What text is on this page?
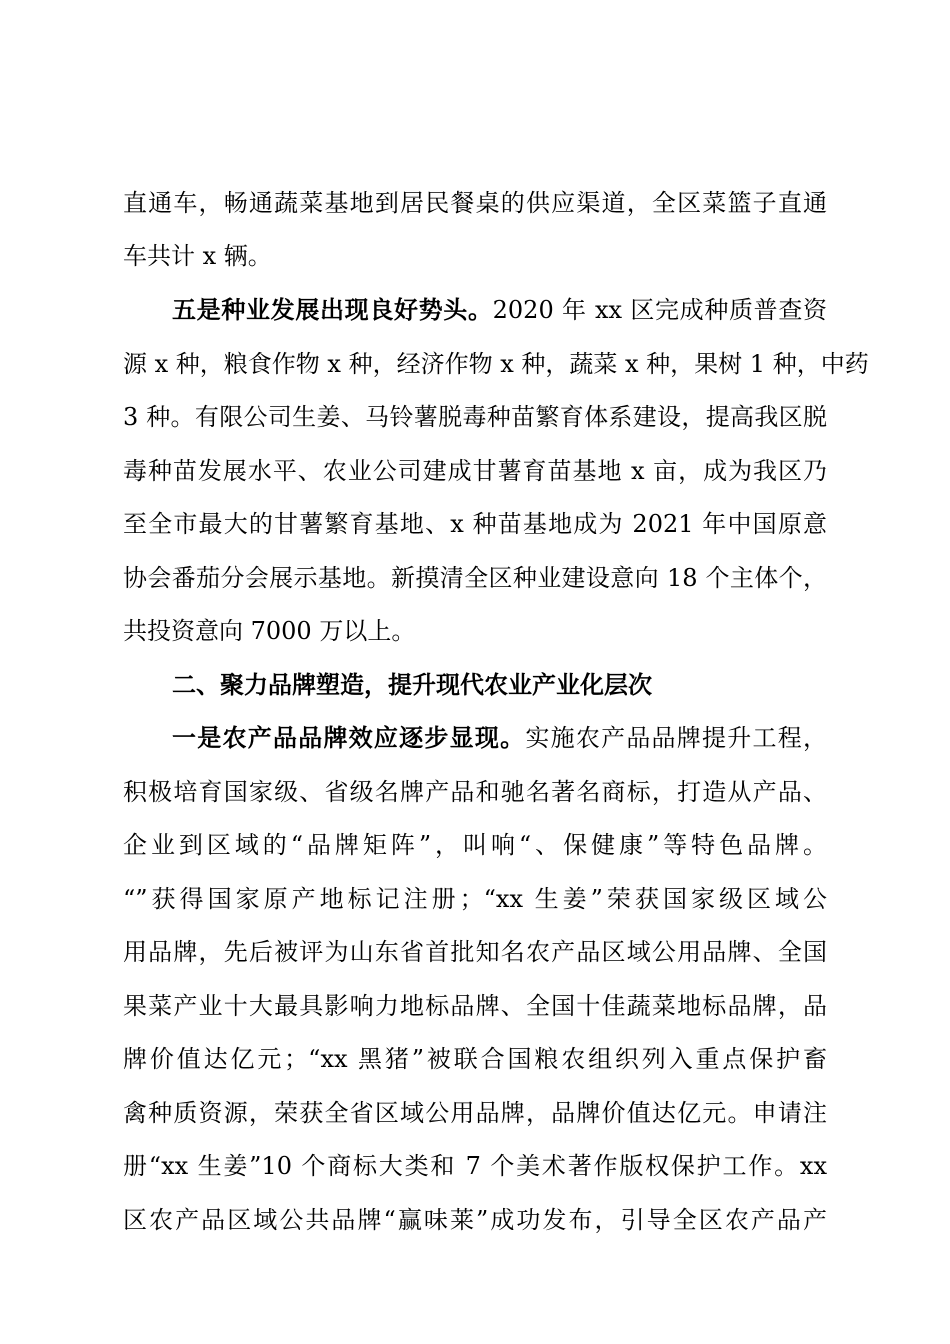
直通车，畅通蔬菜基地到居民餐桌的供应渠道，全区菜篮子直通
车共计 x 辆。
五是种业发展出现良好势头。2020 年 xx 区完成种质普查资
源 x 种，粮食作物 x 种，经济作物 x 种，蔬菜 x 种，果树 1 种，中药
3 种。有限公司生姜、马铃薯脱毒种苗繁育体系建设，提高我区脱
毒种苗发展水平、农业公司建成甘薯育苗基地 x 亩，成为我区乃
至全市最大的甘薯繁育基地、x 种苗基地成为 2021 年中国原意
协会番茄分会展示基地。新摸清全区种业建设意向 18 个主体个，
共投资意向 7000 万以上。
二、聚力品牌塑造，提升现代农业产业化层次
一是农产品品牌效应逐步显现。实施农产品品牌提升工程，
积极培育国家级、省级名牌产品和驰名著名商标，打造从产品、
企业到区域的“品牌矩阵”，叫响“、保健康”等特色品牌。
“”获得国家原产地标记注册；“xx 生姜”荣获国家级区域公
用品牌，先后被评为山东省首批知名农产品区域公用品牌、全国
果菜产业十大最具影响力地标品牌、全国十佳蔬菜地标品牌，品
牌价值达亿元；“xx 黑猪”被联合国粮农组织列入重点保护畜
禽种质资源，荣获全省区域公用品牌，品牌价值达亿元。申请注
册“xx 生姜”10 个商标大类和 7 个美术著作版权保护工作。xx
区农产品区域公共品牌“赢味莱”成功发布，引导全区农产品产
